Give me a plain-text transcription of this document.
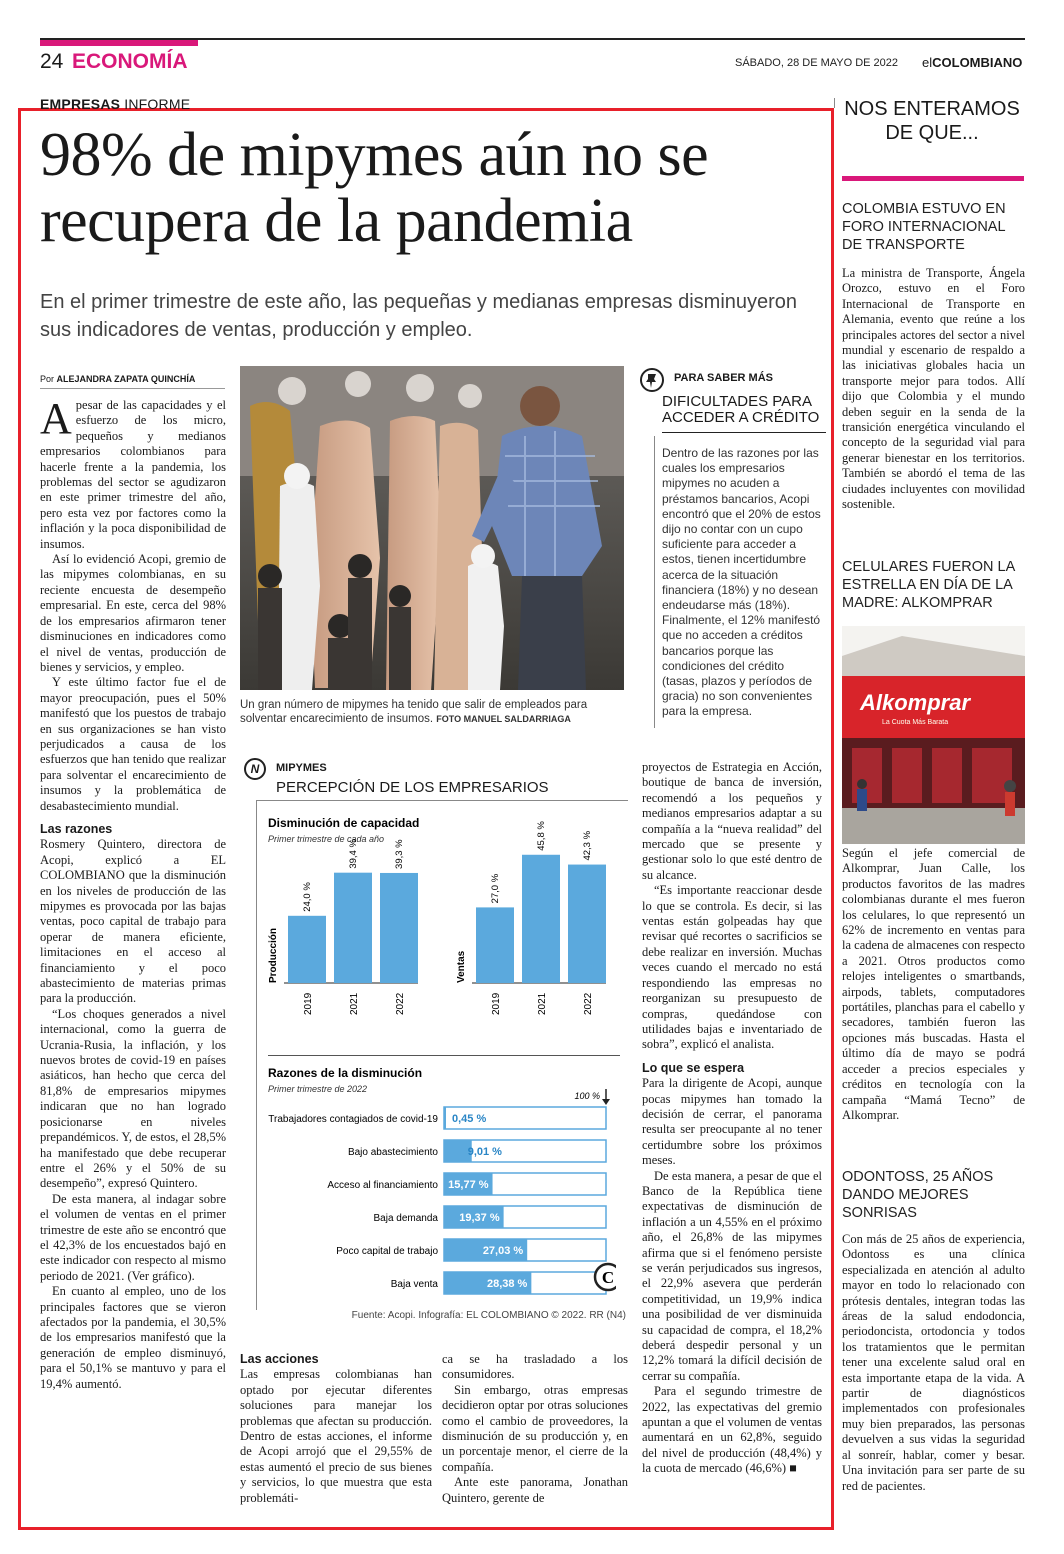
24 ECONOMÍA	SÁBADO, 28 DE MAYO DE 2022 elCOLOMBIANO
EMPRESAS INFORME
98% de mipymes aún no se recupera de la pandemia
En el primer trimestre de este año, las pequeñas y medianas empresas disminuyeron sus indicadores de ventas, producción y empleo.
Por ALEJANDRA ZAPATA QUINCHÍA

Apesar de las capacidades y el esfuerzo de los micro, pequeños y medianos empresarios colombianos para hacerle frente a la pandemia, los problemas del sector se agudizaron en este primer trimestre del año, pero esta vez por factores como la inflación y la poca disponibilidad de insumos.

Así lo evidenció Acopi, gremio de las mipymes colombianas, en su reciente encuesta de desempeño empresarial. En este, cerca del 98% de los empresarios afirmaron tener disminuciones en indicadores como el nivel de ventas, producción de bienes y servicios, y empleo.

Y este último factor fue el de mayor preocupación, pues el 50% manifestó que los puestos de trabajo en sus organizaciones se han visto perjudicados a causa de los esfuerzos que han tenido que realizar para solventar el encarecimiento de insumos y la problemática de desabastecimiento mundial.

Las razones

Rosmery Quintero, directora de Acopi, explicó a EL COLOMBIANO que la disminución en los niveles de producción de las mipymes es provocada por las bajas ventas, poco capital de trabajo para operar de manera eficiente, limitaciones en el acceso al financiamiento y el poco abastecimiento de materias primas para la producción.

“Los choques generados a nivel internacional, como la guerra de Ucrania-Rusia, la inflación, y los nuevos brotes de covid-19 en países asiáticos, han hecho que cerca del 81,8% de empresarios mipymes indicaran que no han logrado posicionarse en niveles prepandémicos. Y, de estos, el 28,5% ha manifestado que debe recuperar entre el 26% y el 50% de su desempeño”, expresó Quintero.

De esta manera, al indagar sobre el volumen de ventas en el primer trimestre de este año se encontró que el 42,3% de los encuestados bajó en este indicador con respecto al mismo periodo de 2021. (Ver gráfico).

En cuanto al empleo, uno de los principales factores que se vieron afectados por la pandemia, el 30,5% de los empresarios manifestó que la generación de empleo disminuyó, para el 50,1% se mantuvo y para el 19,4% aumentó.

Un gran número de mipymes ha tenido que salir de empleados para solventar encarecimiento de insumos. FOTO MANUEL SALDARRIAGA
PARA SABER MÁS
DIFICULTADES PARA ACCEDER A CRÉDITO
Dentro de las razones por las cuales los empresarios mipymes no acuden a préstamos bancarios, Acopi encontró que el 20% de estos dijo no contar con un cupo suficiente para acceder a estos, tienen incertidumbre acerca de la situación financiera (18%) y no desean endeudarse más (18%). Finalmente, el 12% manifestó que no acceden a créditos bancarios porque las condiciones del crédito (tasas, plazos y períodos de gracia) no son convenientes para la empresa.
N	MIPYMES
PERCEPCIÓN DE LOS EMPRESARIOS
Disminución de capacidad
Primer trimestre de cada año
Producción
24,0 %
2019
39,4 %
2021
39,3 %
2022
Ventas
27,0 %
2019
45,8 %
2021
42,3 %
2022
Razones de la disminución
Primer trimestre de 2022
100 %
Trabajadores contagiados de covid-19 0,45 %
Bajo abastecimiento	9,01 %
Acceso al financiamiento 15,77 %
Baja demanda 19,37 %
Poco capital de trabajo	27,03 %
Baja venta	28,38 %	C
Fuente: Acopi. Infografía: EL COLOMBIANO © 2022. RR (N4)
Las acciones

Las empresas colombianas han optado por ejecutar diferentes soluciones para manejar los problemas que afectan su producción. Dentro de estas acciones, el informe de Acopi arrojó que el 29,55% de estas aumentó el precio de sus bienes y servicios, lo que muestra que esta problemáti-

ca se ha trasladado a los consumidores.

Sin embargo, otras empresas decidieron optar por otras soluciones como el cambio de proveedores, la disminución de su producción y, en un porcentaje menor, el cierre de la compañía.

Ante este panorama, Jonathan Quintero, gerente de

proyectos de Estrategia en Acción, boutique de banca de inversión, recomendó a los pequeños y medianos empresarios adaptar a su compañía a la “nueva realidad” del mercado que se presente y gestionar solo lo que esté dentro de su alcance.

“Es importante reaccionar desde lo que se controla. Es decir, si las ventas están golpeadas hay que revisar qué recortes o sacrificios se debe realizar en inversión. Muchas veces cuando el mercado no está respondiendo las empresas no reorganizan su presupuesto de compras, quedándose con utilidades bajas e inventariado de sobra”, explicó el analista.

Lo que se espera

Para la dirigente de Acopi, aunque pocas mipymes han tomado la decisión de cerrar, el panorama resulta ser preocupante al no tener certidumbre sobre los próximos meses.

De esta manera, a pesar de que el Banco de la República tiene expectativas de disminución de inflación a un 4,55% en el próximo año, el 26,8% de las mipymes afirma que si el fenómeno persiste se verán perjudicados sus ingresos, el 22,9% asevera que perderán competitividad, un 19,9% indica una posibilidad de ver disminuida su capacidad de compra, el 18,2% deberá despedir personal y un 12,2% tomará la difícil decisión de cerrar su compañía.

Para el segundo trimestre de 2022, las expectativas del gremio apuntan a que el volumen de ventas aumentará en un 62,8%, seguido del nivel de producción (48,4%) y la cuota de mercado (46,6%) ■

NOS ENTERAMOS DE QUE...
COLOMBIA ESTUVO EN FORO INTERNACIONAL DE TRANSPORTE
La ministra de Transporte, Ángela Orozco, estuvo en el Foro Internacional de Transporte en Alemania, evento que reúne a los principales actores del sector a nivel mundial y escenario de respaldo a las iniciativas globales hacia un transporte mejor para todos. Allí dijo que Colombia y el mundo deben seguir en la senda de la transición energética vinculando el concepto de la seguridad vial para generar bienestar en los territorios. También se abordó el tema de las ciudades incluyentes con movilidad sostenible.
CELULARES FUERON LA ESTRELLA EN DÍA DE LA MADRE: ALKOMPRAR
Alkomprar
La Cuota Más Barata
Según el jefe comercial de Alkomprar, Juan Calle, los productos favoritos de las madres colombianas durante el mes fueron los celulares, lo que representó un 62% de incremento en ventas para la cadena de almacenes con respecto a 2021. Otros productos como relojes inteligentes o smartbands, airpods, tablets, computadores portátiles, planchas para el cabello y secadores, también fueron las opciones más buscadas. Hasta el último día de mayo se podrá acceder a precios especiales y créditos en tecnología con la campaña “Mamá Tecno” de Alkomprar.
ODONTOSS, 25 AÑOS DANDO MEJORES SONRISAS
Con más de 25 años de experiencia, Odontoss es una clínica especializada en atención al adulto mayor en todo lo relacionado con prótesis dentales, integran todas las áreas de la salud endodoncia, periodoncista, ortodoncia y todos los tratamientos que le permitan tener una excelente salud oral en esta importante etapa de la vida. A partir de diagnósticos implementados con profesionales muy bien preparados, las personas devuelven a sus vidas la seguridad al sonreír, hablar, comer y besar. Una invitación para ser parte de su red de pacientes.
